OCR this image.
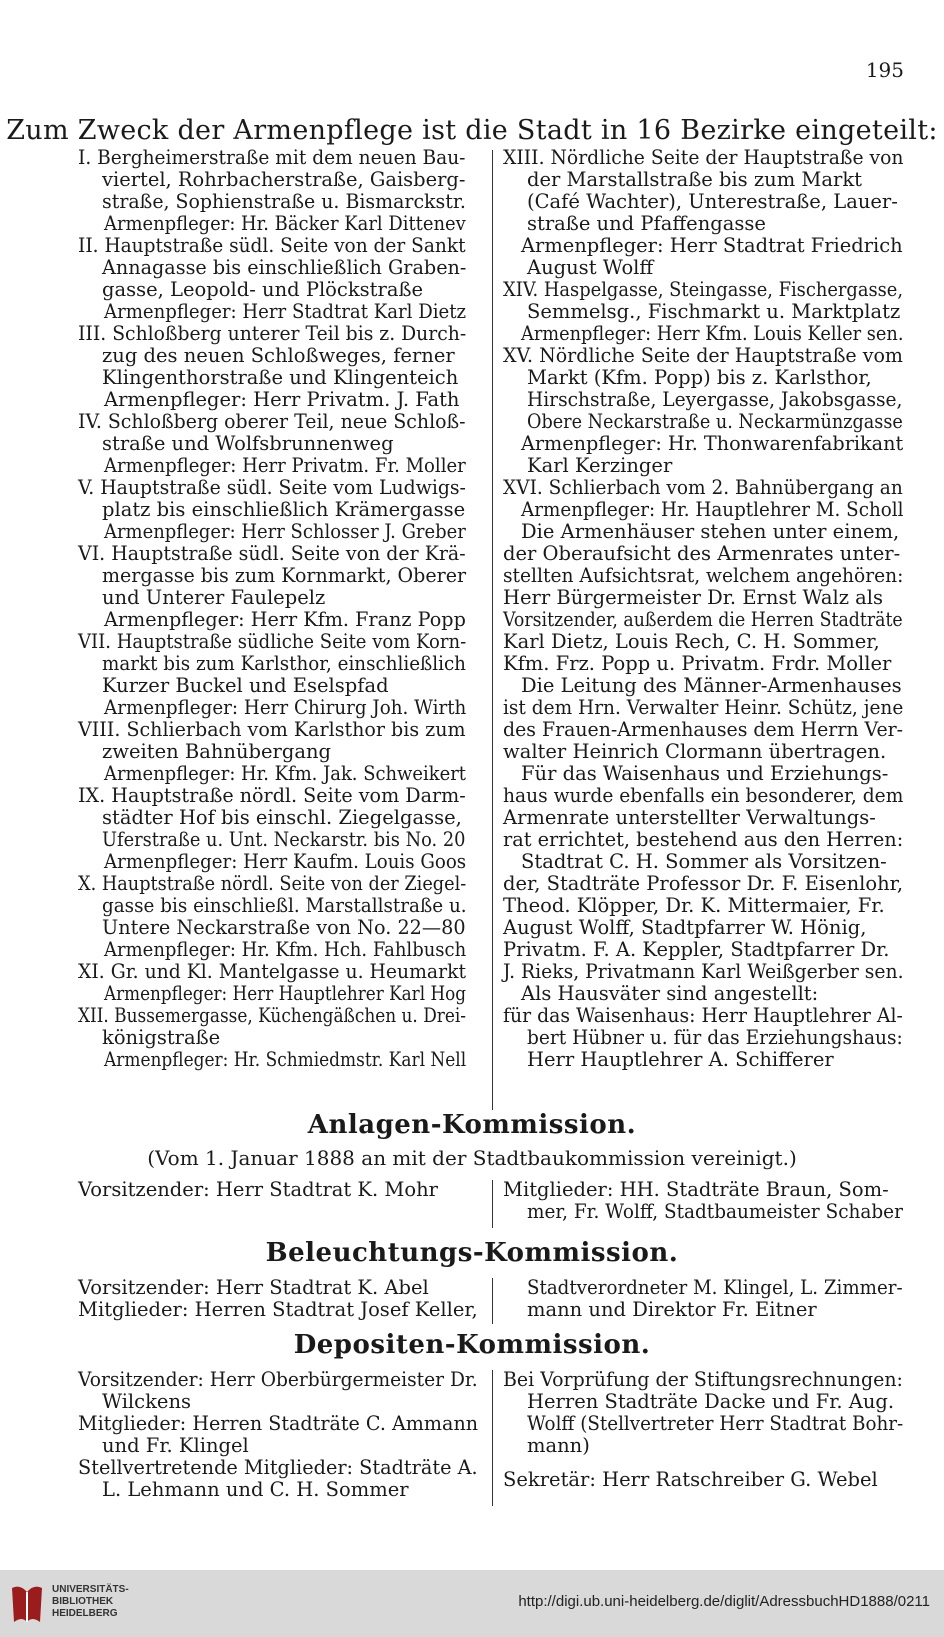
195
Zum Zweck der Armenpflege ist die Stadt in 16 Bezirke eingeteilt:
I. Bergheimerstraße mit dem neuen Bau-
viertel, Rohrbacherstraße, Gaisberg-
straße, Sophienstraße u. Bismarckstr.
Armenpfleger: Hr. Bäcker Karl Dittenev
II. Hauptstraße südl. Seite von der Sankt
Annagasse bis einschließlich Graben-
gasse, Leopold- und Plöckstraße
Armenpfleger: Herr Stadtrat Karl Dietz
III. Schloßberg unterer Teil bis z. Durch-
zug des neuen Schloßweges, ferner
Klingenthorstraße und Klingenteich
Armenpfleger: Herr Privatm. J. Fath
IV. Schloßberg oberer Teil, neue Schloß-
straße und Wolfsbrunnenweg
Armenpfleger: Herr Privatm. Fr. Moller
V. Hauptstraße südl. Seite vom Ludwigs-
platz bis einschließlich Krämergasse
Armenpfleger: Herr Schlosser J. Greber
VI. Hauptstraße südl. Seite von der Krä-
mergasse bis zum Kornmarkt, Oberer
und Unterer Faulepelz
Armenpfleger: Herr Kfm. Franz Popp
VII. Hauptstraße südliche Seite vom Korn-
markt bis zum Karlsthor, einschließlich
Kurzer Buckel und Eselspfad
Armenpfleger: Herr Chirurg Joh. Wirth
VIII. Schlierbach vom Karlsthor bis zum
zweiten Bahnübergang
Armenpfleger: Hr. Kfm. Jak. Schweikert
IX. Hauptstraße nördl. Seite vom Darm-
städter Hof bis einschl. Ziegelgasse,
Uferstraße u. Unt. Neckarstr. bis No. 20
Armenpfleger: Herr Kaufm. Louis Goos
X. Hauptstraße nördl. Seite von der Ziegel-
gasse bis einschließl. Marstallstraße u.
Untere Neckarstraße von No. 22—80
Armenpfleger: Hr. Kfm. Hch. Fahlbusch
XI. Gr. und Kl. Mantelgasse u. Heumarkt
Armenpfleger: Herr Hauptlehrer Karl Hog
XII. Bussemergasse, Küchengäßchen u. Drei-
königstraße
Armenpfleger: Hr. Schmiedmstr. Karl Nell
XIII. Nördliche Seite der Hauptstraße von
der Marstallstraße bis zum Markt
(Café Wachter), Unterestraße, Lauer-
straße und Pfaffengasse
Armenpfleger: Herr Stadtrat Friedrich
August Wolff
XIV. Haspelgasse, Steingasse, Fischergasse,
Semmelsg., Fischmarkt u. Marktplatz
Armenpfleger: Herr Kfm. Louis Keller sen.
XV. Nördliche Seite der Hauptstraße vom
Markt (Kfm. Popp) bis z. Karlsthor,
Hirschstraße, Leyergasse, Jakobsgasse,
Obere Neckarstraße u. Neckarmünzgasse
Armenpfleger: Hr. Thonwarenfabrikant
Karl Kerzinger
XVI. Schlierbach vom 2. Bahnübergang an
Armenpfleger: Hr. Hauptlehrer M. Scholl
Die Armenhäuser stehen unter einem,
der Oberaufsicht des Armenrates unter-
stellten Aufsichtsrat, welchem angehören:
Herr Bürgermeister Dr. Ernst Walz als
Vorsitzender, außerdem die Herren Stadträte
Karl Dietz, Louis Rech, C. H. Sommer,
Kfm. Frz. Popp u. Privatm. Frdr. Moller
Die Leitung des Männer-Armenhauses
ist dem Hrn. Verwalter Heinr. Schütz, jene
des Frauen-Armenhauses dem Herrn Ver-
walter Heinrich Clormann übertragen.
Für das Waisenhaus und Erziehungs-
haus wurde ebenfalls ein besonderer, dem
Armenrate unterstellter Verwaltungs-
rat errichtet, bestehend aus den Herren:
Stadtrat C. H. Sommer als Vorsitzen-
der, Stadträte Professor Dr. F. Eisenlohr,
Theod. Klöpper, Dr. K. Mittermaier, Fr.
August Wolff, Stadtpfarrer W. Hönig,
Privatm. F. A. Keppler, Stadtpfarrer Dr.
J. Rieks, Privatmann Karl Weißgerber sen.
Als Hausväter sind angestellt:
für das Waisenhaus: Herr Hauptlehrer Al-
bert Hübner u. für das Erziehungshaus:
Herr Hauptlehrer A. Schifferer
Anlagen-Kommission.
(Vom 1. Januar 1888 an mit der Stadtbaukommission vereinigt.)
Vorsitzender: Herr Stadtrat K. Mohr	Mitglieder: HH. Stadträte Braun, Som-
mer, Fr. Wolff, Stadtbaumeister Schaber
Beleuchtungs-Kommission.
Vorsitzender: Herr Stadtrat K. Abel
Mitglieder: Herren Stadtrat Josef Keller,
Stadtverordneter M. Klingel, L. Zimmer-
mann und Direktor Fr. Eitner
Depositen-Kommission.
Vorsitzender: Herr Oberbürgermeister Dr.
Wilckens
Mitglieder: Herren Stadträte C. Ammann
und Fr. Klingel
Stellvertretende Mitglieder: Stadträte A.
L. Lehmann und C. H. Sommer
Bei Vorprüfung der Stiftungsrechnungen:
Herren Stadträte Dacke und Fr. Aug.
Wolff (Stellvertreter Herr Stadtrat Bohr-
mann)
Sekretär: Herr Ratschreiber G. Webel
UNIVERSITÄTS-
BIBLIOTHEK
HEIDELBERG
http://digi.ub.uni-heidelberg.de/diglit/AdressbuchHD1888/0211
